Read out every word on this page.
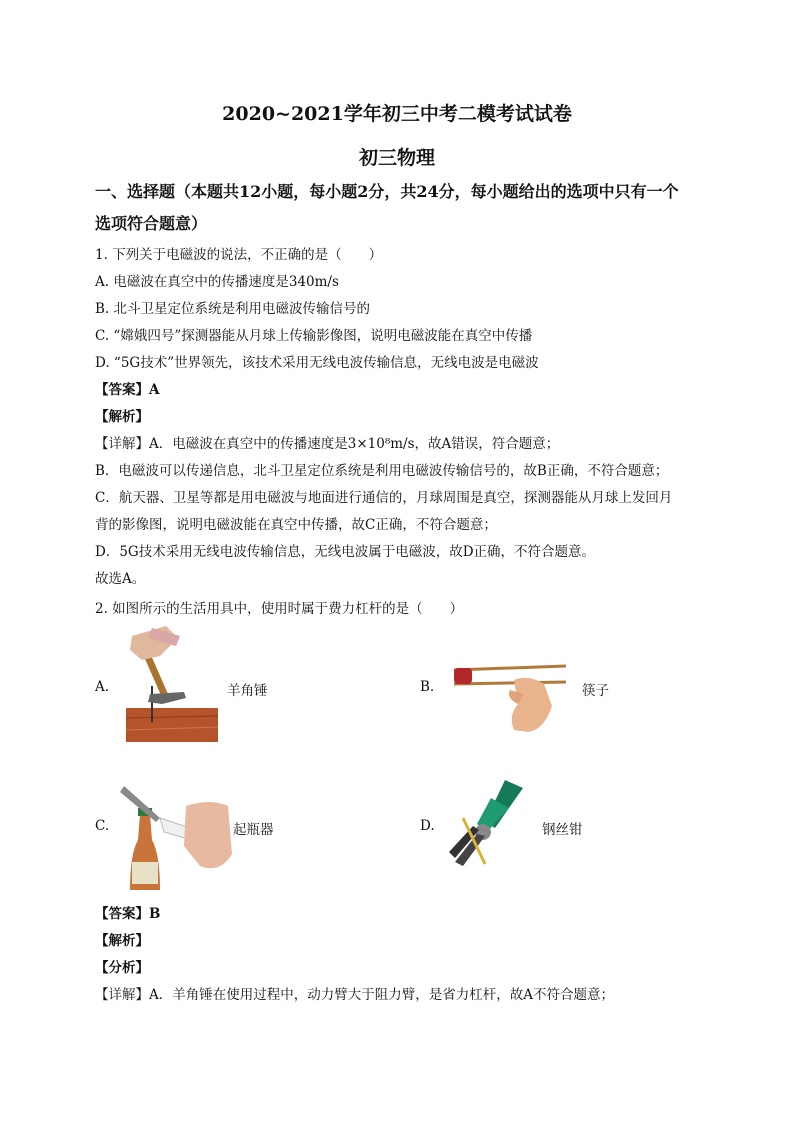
2020~2021学年初三中考二模考试试卷
初三物理
一、选择题（本题共12小题，每小题2分，共24分，每小题给出的选项中只有一个
选项符合题意）
1. 下列关于电磁波的说法，不正确的是（　　）
A. 电磁波在真空中的传播速度是340m/s
B. 北斗卫星定位系统是利用电磁波传输信号的
C. “嫦娥四号”探测器能从月球上传输影像图，说明电磁波能在真空中传播
D. “5G技术”世界领先，该技术采用无线电波传输信息，无线电波是电磁波
【答案】A
【解析】
【详解】A．电磁波在真空中的传播速度是3×10⁸m/s，故A错误，符合题意；
B．电磁波可以传递信息，北斗卫星定位系统是利用电磁波传输信号的，故B正确，不符合题意；
C．航天器、卫星等都是用电磁波与地面进行通信的，月球周围是真空，探测器能从月球上发回月
背的影像图，说明电磁波能在真空中传播，故C正确，不符合题意；
D．5G技术采用无线电波传输信息，无线电波属于电磁波，故D正确，不符合题意。
故选A。
2. 如图所示的生活用具中，使用时属于费力杠杆的是（　　）
A.	羊角锤	B.	筷子
C.	起瓶器	D.	钢丝钳
【答案】B
【解析】
【分析】
【详解】A．羊角锤在使用过程中，动力臂大于阻力臂，是省力杠杆，故A不符合题意；
